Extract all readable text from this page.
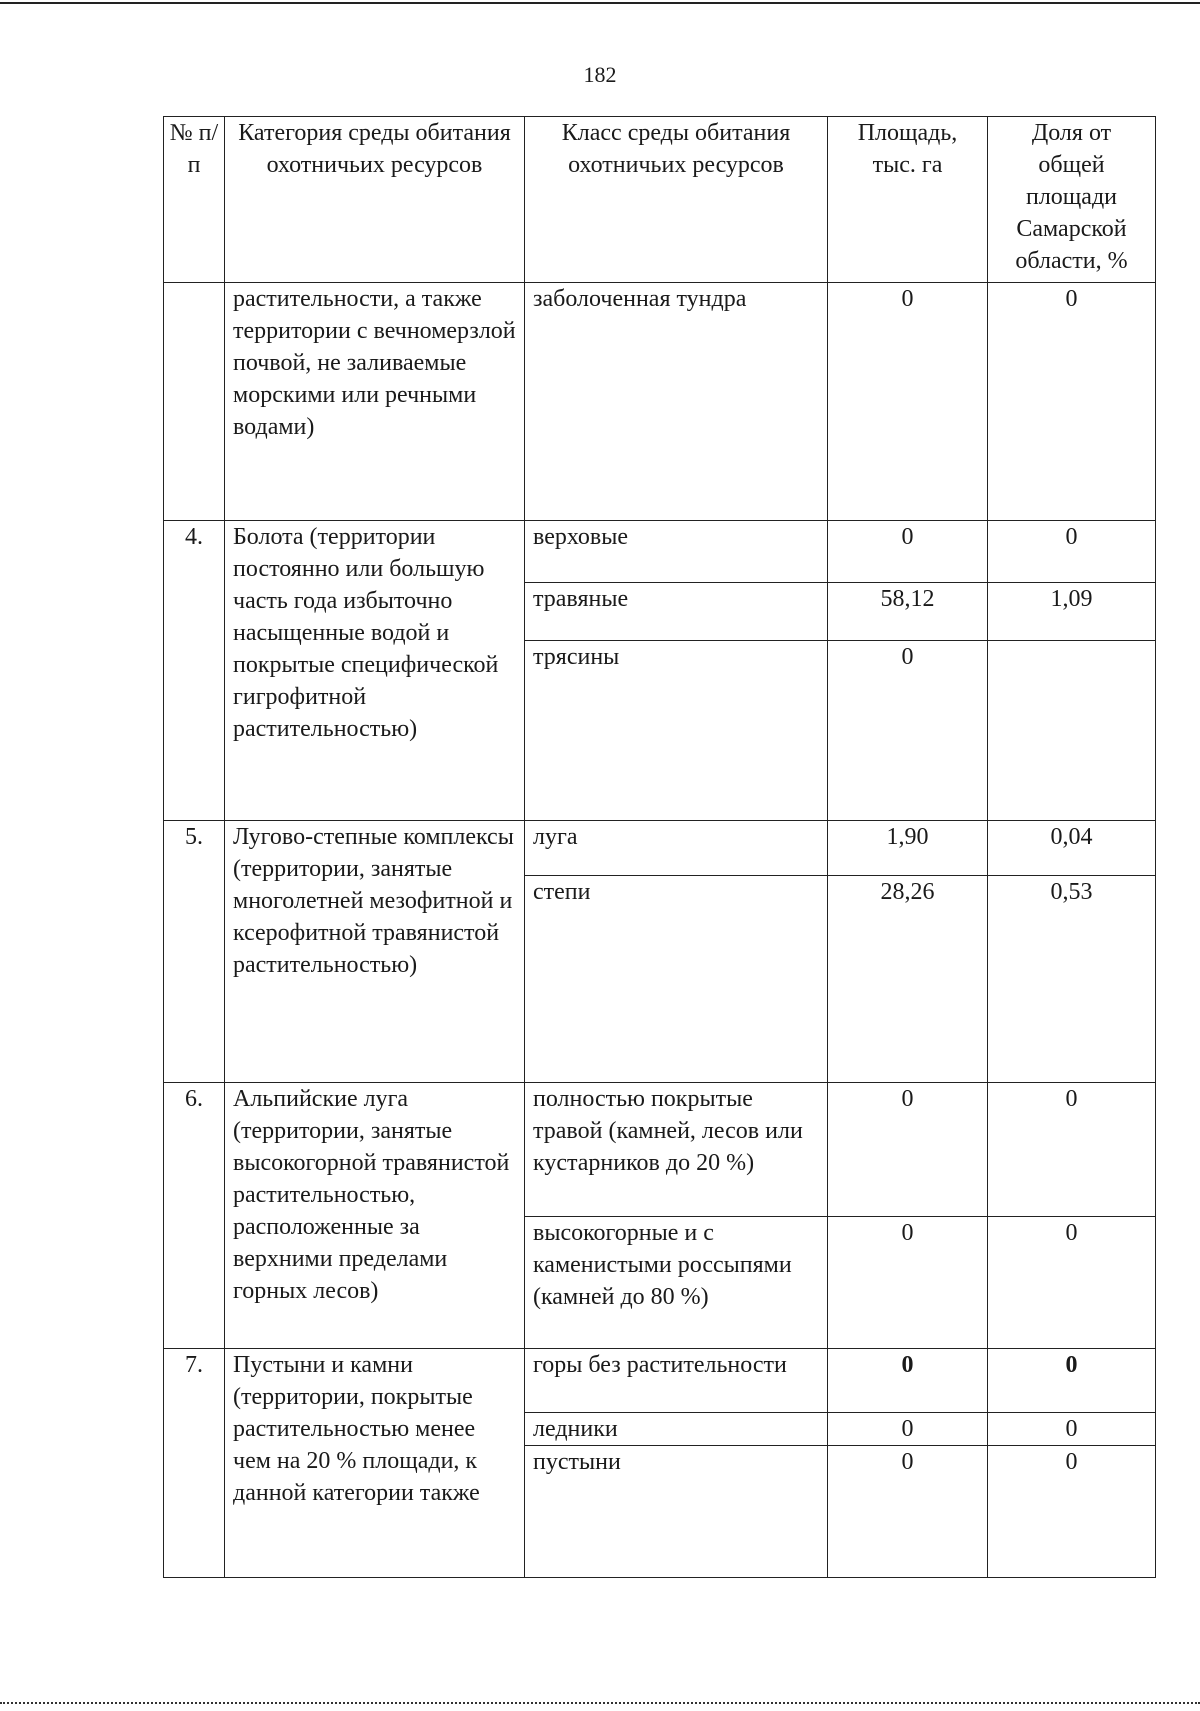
182
№ п/п	Категория среды обитания охотничьих ресурсов	Класс среды обитания охотничьих ресурсов	Площадь, тыс. га	Доля от общей площади Самарской области, %
	растительности, а также территории с вечномерзлой почвой, не заливаемые морскими или речными водами)	заболоченная тундра	0	0
4.	Болота (территории постоянно или большую часть года избыточно насыщенные водой и покрытые специфической гигрофитной растительностью)	верховые	0	0
		травяные	58,12	1,09
		трясины	0	
5.	Лугово-степные комплексы (территории, занятые многолетней мезофитной и ксерофитной травянистой растительностью)	луга	1,90	0,04
		степи	28,26	0,53
6.	Альпийские луга (территории, занятые высокогорной травянистой растительностью, расположенные за верхними пределами горных лесов)	полностью покрытые травой (камней, лесов или кустарников до 20 %)	0	0
		высокогорные и с каменистыми россыпями (камней до 80 %)	0	0
7.	Пустыни и камни (территории, покрытые растительностью менее чем на 20 % площади, к данной категории также	горы без растительности	0	0
		ледники	0	0
		пустыни	0	0
